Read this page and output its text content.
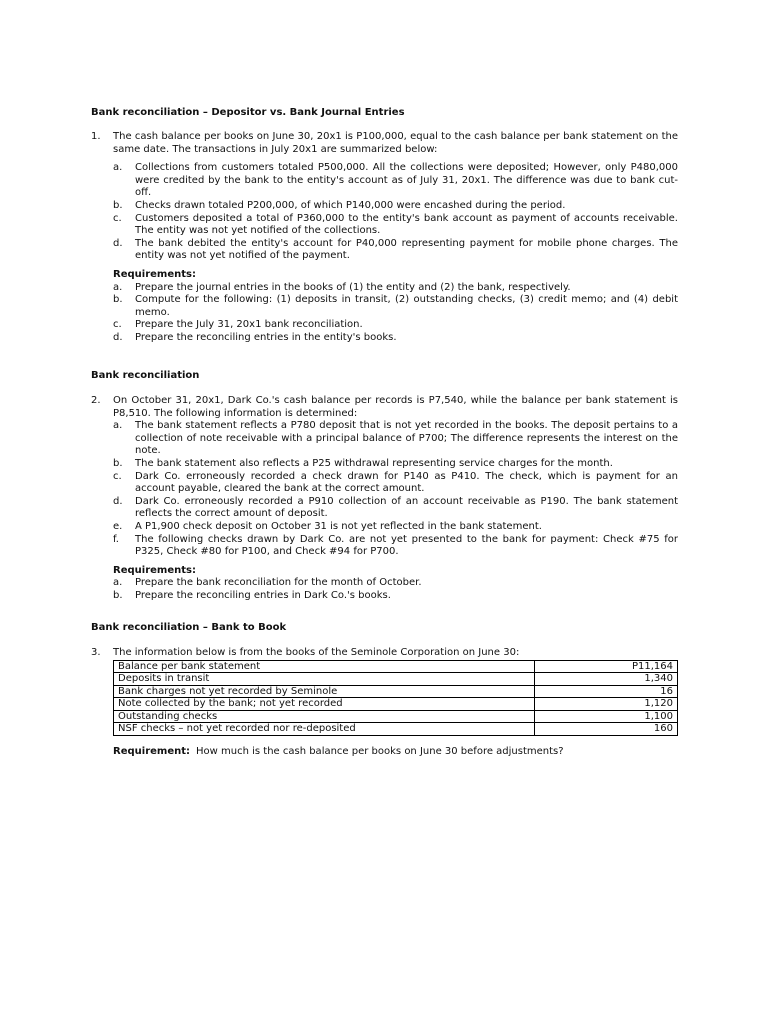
Bank reconciliation – Depositor vs. Bank Journal Entries
1. The cash balance per books on June 30, 20x1 is P100,000, equal to the cash balance per bank statement on the same date. The transactions in July 20x1 are summarized below:
a. Collections from customers totaled P500,000. All the collections were deposited; However, only P480,000 were credited by the bank to the entity's account as of July 31, 20x1. The difference was due to bank cut-off.
b. Checks drawn totaled P200,000, of which P140,000 were encashed during the period.
c. Customers deposited a total of P360,000 to the entity's bank account as payment of accounts receivable. The entity was not yet notified of the collections.
d. The bank debited the entity's account for P40,000 representing payment for mobile phone charges. The entity was not yet notified of the payment.
Requirements:
a. Prepare the journal entries in the books of (1) the entity and (2) the bank, respectively.
b. Compute for the following: (1) deposits in transit, (2) outstanding checks, (3) credit memo; and (4) debit memo.
c. Prepare the July 31, 20x1 bank reconciliation.
d. Prepare the reconciling entries in the entity's books.
Bank reconciliation
2. On October 31, 20x1, Dark Co.'s cash balance per records is P7,540, while the balance per bank statement is P8,510. The following information is determined:
a. The bank statement reflects a P780 deposit that is not yet recorded in the books. The deposit pertains to a collection of note receivable with a principal balance of P700; The difference represents the interest on the note.
b. The bank statement also reflects a P25 withdrawal representing service charges for the month.
c. Dark Co. erroneously recorded a check drawn for P140 as P410. The check, which is payment for an account payable, cleared the bank at the correct amount.
d. Dark Co. erroneously recorded a P910 collection of an account receivable as P190. The bank statement reflects the correct amount of deposit.
e. A P1,900 check deposit on October 31 is not yet reflected in the bank statement.
f. The following checks drawn by Dark Co. are not yet presented to the bank for payment: Check #75 for P325, Check #80 for P100, and Check #94 for P700.
Requirements:
a. Prepare the bank reconciliation for the month of October.
b. Prepare the reconciling entries in Dark Co.'s books.
Bank reconciliation – Bank to Book
3. The information below is from the books of the Seminole Corporation on June 30:
Balance per bank statement	P11,164
Deposits in transit	1,340
Bank charges not yet recorded by Seminole	16
Note collected by the bank; not yet recorded	1,120
Outstanding checks	1,100
NSF checks – not yet recorded nor re-deposited	160
Requirement: How much is the cash balance per books on June 30 before adjustments?
